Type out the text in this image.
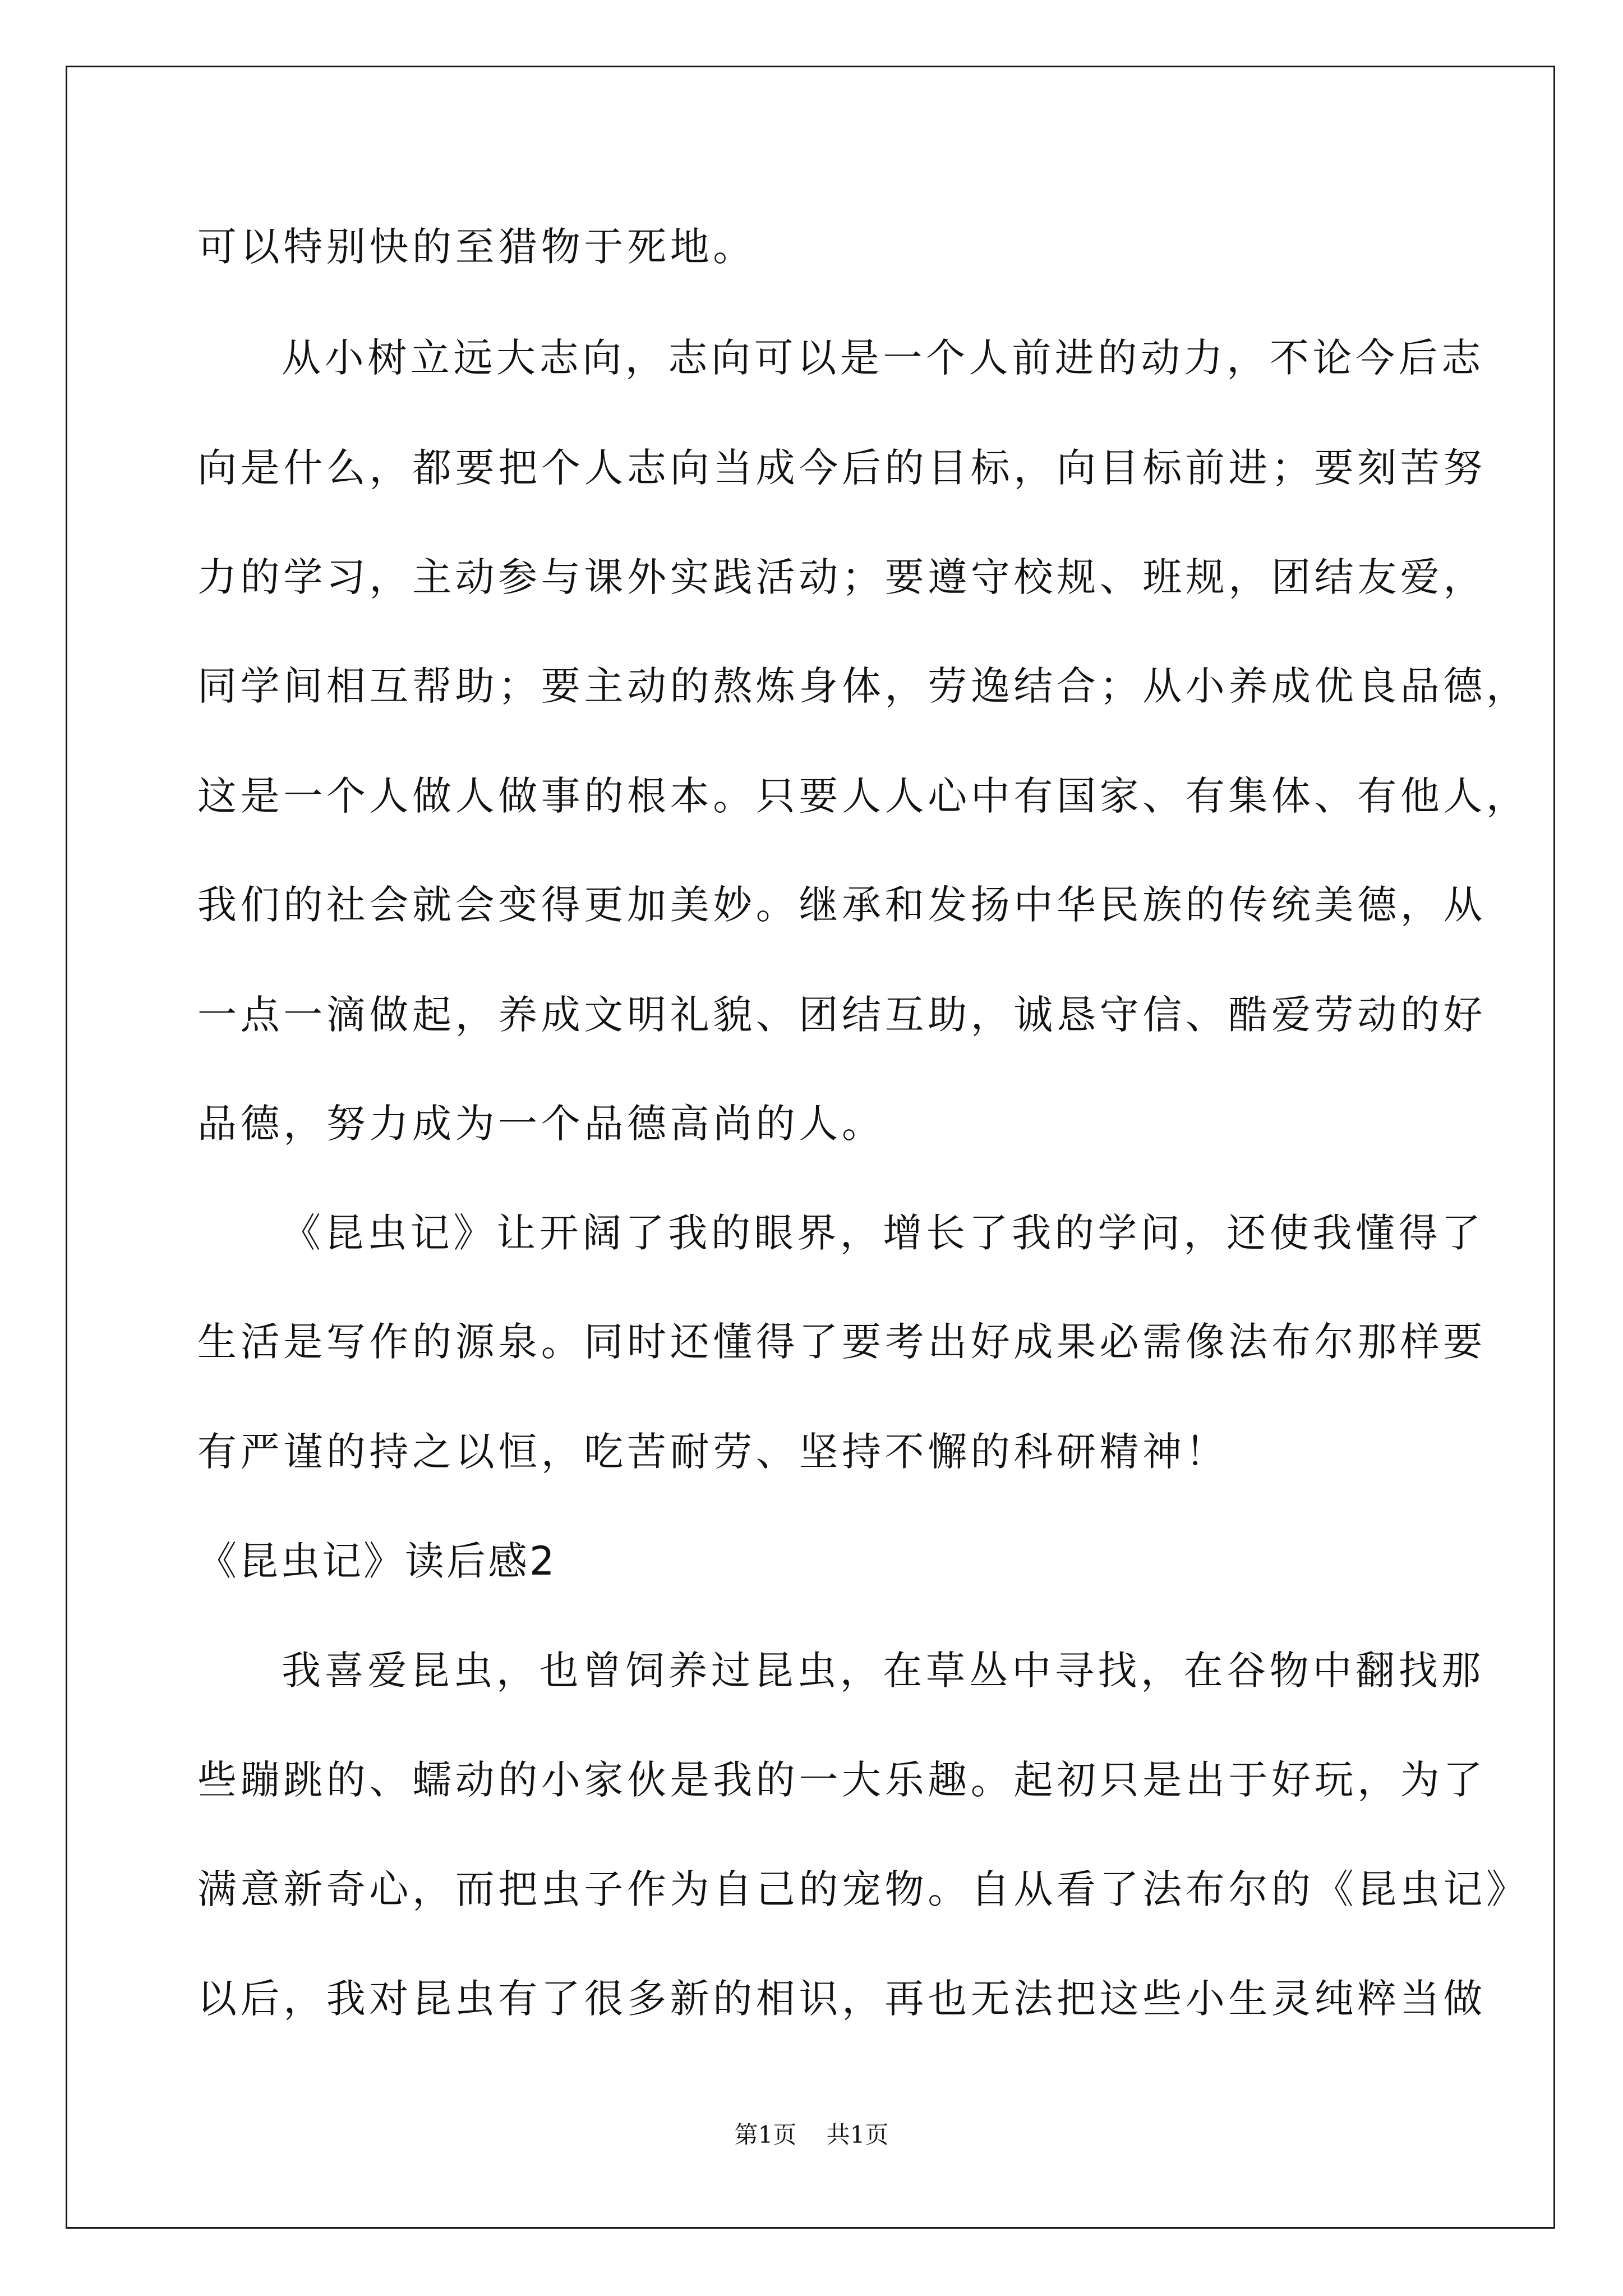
可以特别快的至猎物于死地。
从小树立远大志向，志向可以是一个人前进的动力，不论今后志
向是什么，都要把个人志向当成今后的目标，向目标前进；要刻苦努
力的学习，主动参与课外实践活动；要遵守校规、班规，团结友爱，
同学间相互帮助；要主动的熬炼身体，劳逸结合；从小养成优良品德，
这是一个人做人做事的根本。只要人人心中有国家、有集体、有他人，
我们的社会就会变得更加美妙。继承和发扬中华民族的传统美德，从
一点一滴做起，养成文明礼貌、团结互助，诚恳守信、酷爱劳动的好
品德，努力成为一个品德高尚的人。
《昆虫记》让开阔了我的眼界，增长了我的学问，还使我懂得了
生活是写作的源泉。同时还懂得了要考出好成果必需像法布尔那样要
有严谨的持之以恒，吃苦耐劳、坚持不懈的科研精神！
《昆虫记》读后感2
我喜爱昆虫，也曾饲养过昆虫，在草丛中寻找，在谷物中翻找那
些蹦跳的、蠕动的小家伙是我的一大乐趣。起初只是出于好玩，为了
满意新奇心，而把虫子作为自己的宠物。自从看了法布尔的《昆虫记》
以后，我对昆虫有了很多新的相识，再也无法把这些小生灵纯粹当做
第1页    共1页
